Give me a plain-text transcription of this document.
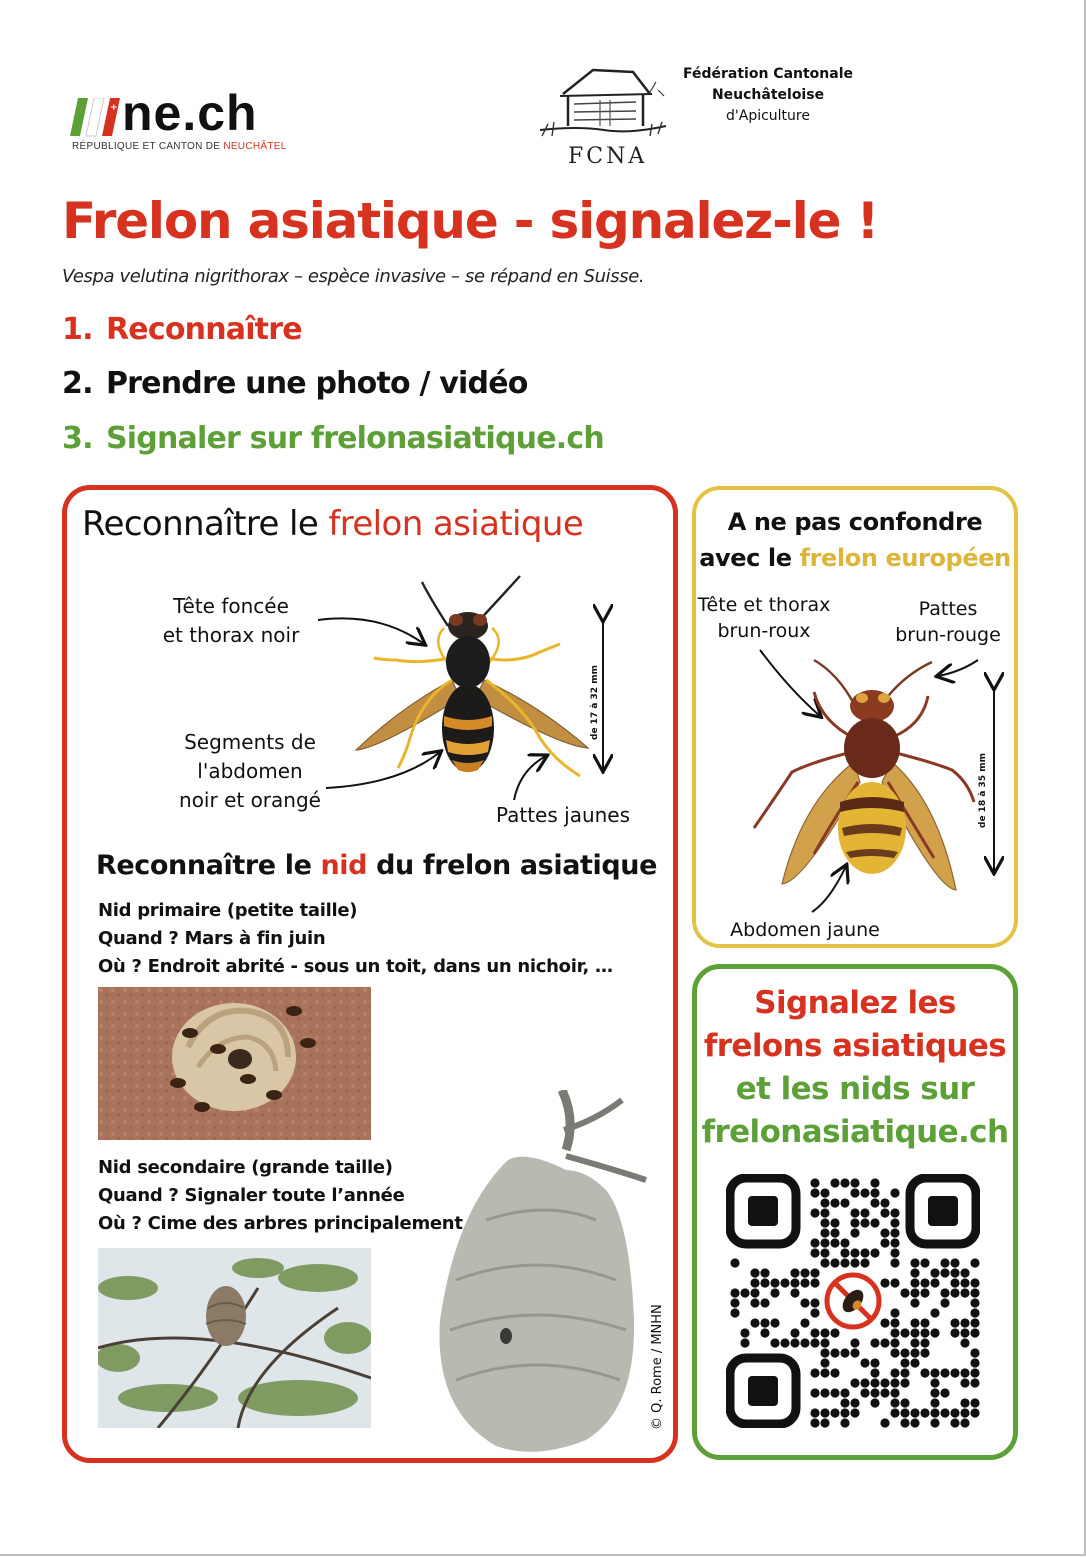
+ ne.ch
RÉPUBLIQUE ET CANTON DE NEUCHÂTEL	FCNA
Fédération Cantonale
Neuchâteloise
d'Apiculture
Frelon asiatique - signalez-le !
Vespa velutina nigrithorax – espèce invasive – se répand en Suisse.
1. Reconnaître
2. Prendre une photo / vidéo
3. Signaler sur frelonasiatique.ch
Reconnaître le frelon asiatique
Tête foncée
et thorax noir
Segments de
l'abdomen
noir et orangé
Pattes jaunes
de 17 à 32 mm
Reconnaître le nid du frelon asiatique
Nid primaire (petite taille)
Quand ? Mars à fin juin
Où ? Endroit abrité - sous un toit, dans un nichoir, …
Nid secondaire (grande taille)
Quand ? Signaler toute l’année
Où ? Cime des arbres principalement
© Q. Rome / MNHN
A ne pas confondre
avec le frelon européen
Tête et thorax
brun-roux
Pattes
brun-rouge
de 18 à 35 mm
Abdomen jaune
Signalez les
frelons asiatiques
et les nids sur
frelonasiatique.ch
